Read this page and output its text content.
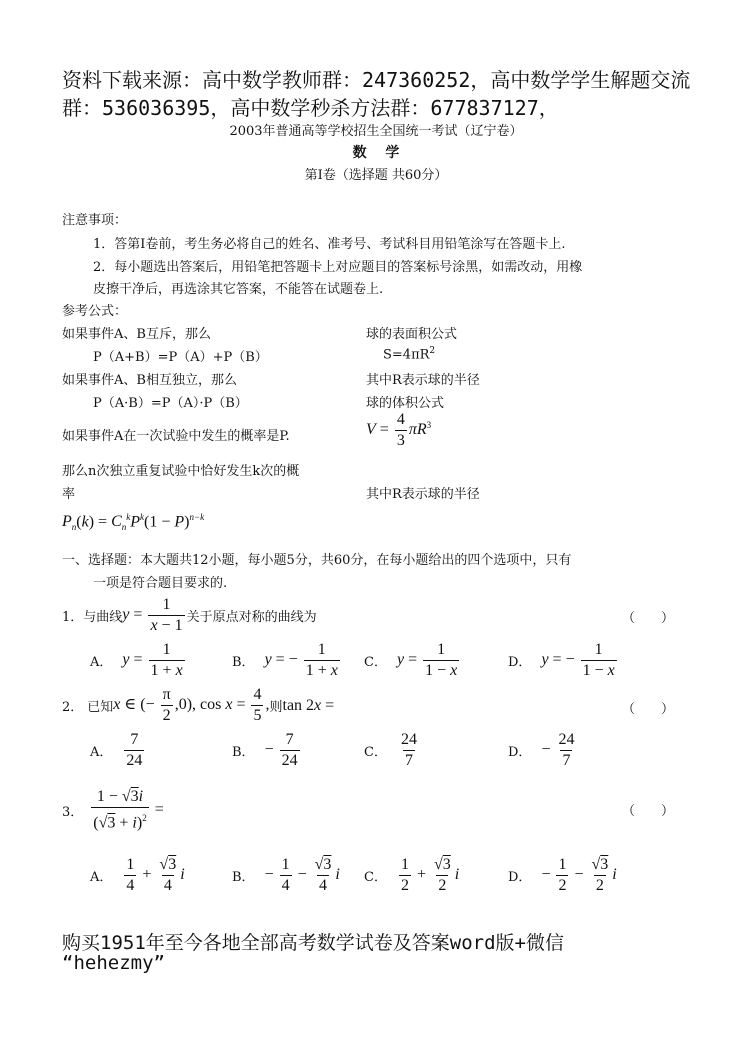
资料下载来源：高中数学教师群：247360252，高中数学学生解题交流
群：536036395，高中数学秒杀方法群：677837127，
2003年普通高等学校招生全国统一考试（辽宁卷）
数　 学
第Ⅰ卷（选择题 共60分）
注意事项：
1．答第Ⅰ卷前，考生务必将自己的姓名、准考号、考试科目用铅笔涂写在答题卡上.
2．每小题选出答案后，用铅笔把答题卡上对应题目的答案标号涂黑，如需改动，用橡
皮擦干净后，再选涂其它答案，不能答在试题卷上.
参考公式：
如果事件A、B互斥，那么
P（A+B）=P（A）+P（B）
如果事件A、B相互独立，那么
P（A·B）=P（A）·P（B）
如果事件A在一次试验中发生的概率是P.
那么n次独立重复试验中恰好发生k次的概
率
球的表面积公式
$S=4\pi R^2$
其中R表示球的半径
球的体积公式
$V = \frac{4}{3} \pi R^3$
其中R表示球的半径
$P_n(k) = C_n^kP^k(1 - P)^{n-k}$
一、选择题：本大题共12小题，每小题5分，共60分，在每小题给出的四个选项中，只有
一项是符合题目要求的.
1． 与曲线 $y = \frac{1}{x - 1}$ 关于原点对称的曲线为	（　　）
A． $y = \frac{1}{1 + x}$	B． y = − $\frac{1}{1 + x}$ C． $y = \frac{1}{1 - x}$	D． y = − $\frac{1}{1 - x}$
2． 已知 x ∈ (− $\frac{\pi}{2} ,0$), $\cos x = \frac{4}{5}$ , 则 tan 2x =	（　　）
A． $\frac{7}{24}$	B． − $\frac{7}{24}$	C． $\frac{24}{7}$	D． − $\frac{24}{7}$
3． $\frac{1 - √3i}{(√3 + i)^2}$ =	（　　）
A． $\frac{1}{4} + \frac{√3}{4}$ i	B． − $\frac{1}{4} - \frac{√3}{4}$ i C． $\frac{1}{2} + \frac{√3}{2}$ i	D． − $\frac{1}{2} - \frac{√3}{2}$ i
购买1951年至今各地全部高考数学试卷及答案word版+微信
“hehezmy”
